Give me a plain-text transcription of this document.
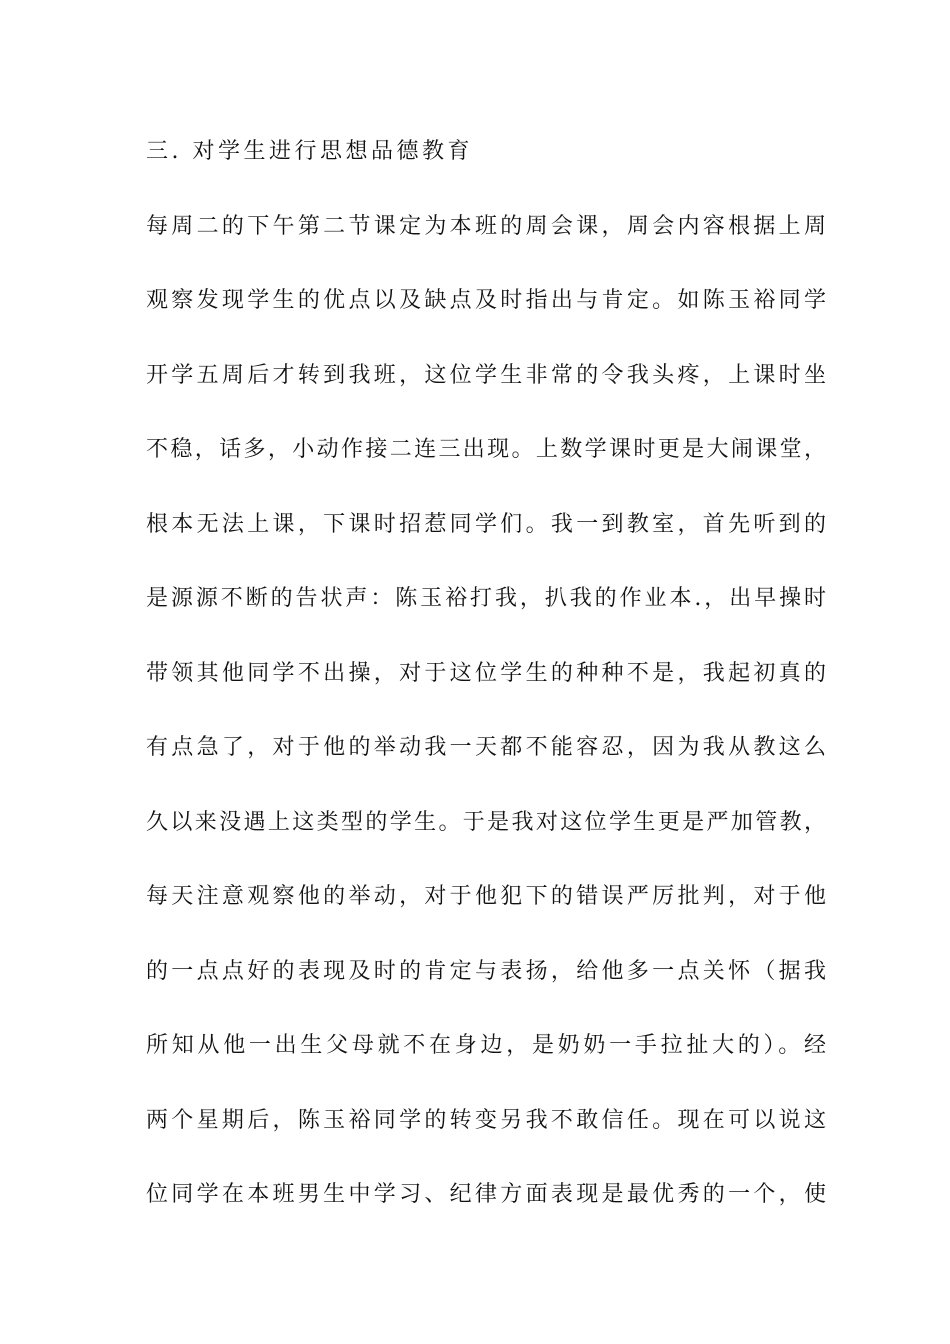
三. 对学生进行思想品德教育
每周二的下午第二节课定为本班的周会课，周会内容根据上周
观察发现学生的优点以及缺点及时指出与肯定。如陈玉裕同学
开学五周后才转到我班，这位学生非常的令我头疼，上课时坐
不稳，话多，小动作接二连三出现。上数学课时更是大闹课堂，
根本无法上课，下课时招惹同学们。我一到教室，首先听到的
是源源不断的告状声：陈玉裕打我，扒我的作业本.，出早操时
带领其他同学不出操，对于这位学生的种种不是，我起初真的
有点急了，对于他的举动我一天都不能容忍，因为我从教这么
久以来没遇上这类型的学生。于是我对这位学生更是严加管教，
每天注意观察他的举动，对于他犯下的错误严厉批判，对于他
的一点点好的表现及时的肯定与表扬，给他多一点关怀（据我
所知从他一出生父母就不在身边，是奶奶一手拉扯大的）。经
两个星期后，陈玉裕同学的转变另我不敢信任。现在可以说这
位同学在本班男生中学习、纪律方面表现是最优秀的一个，使
